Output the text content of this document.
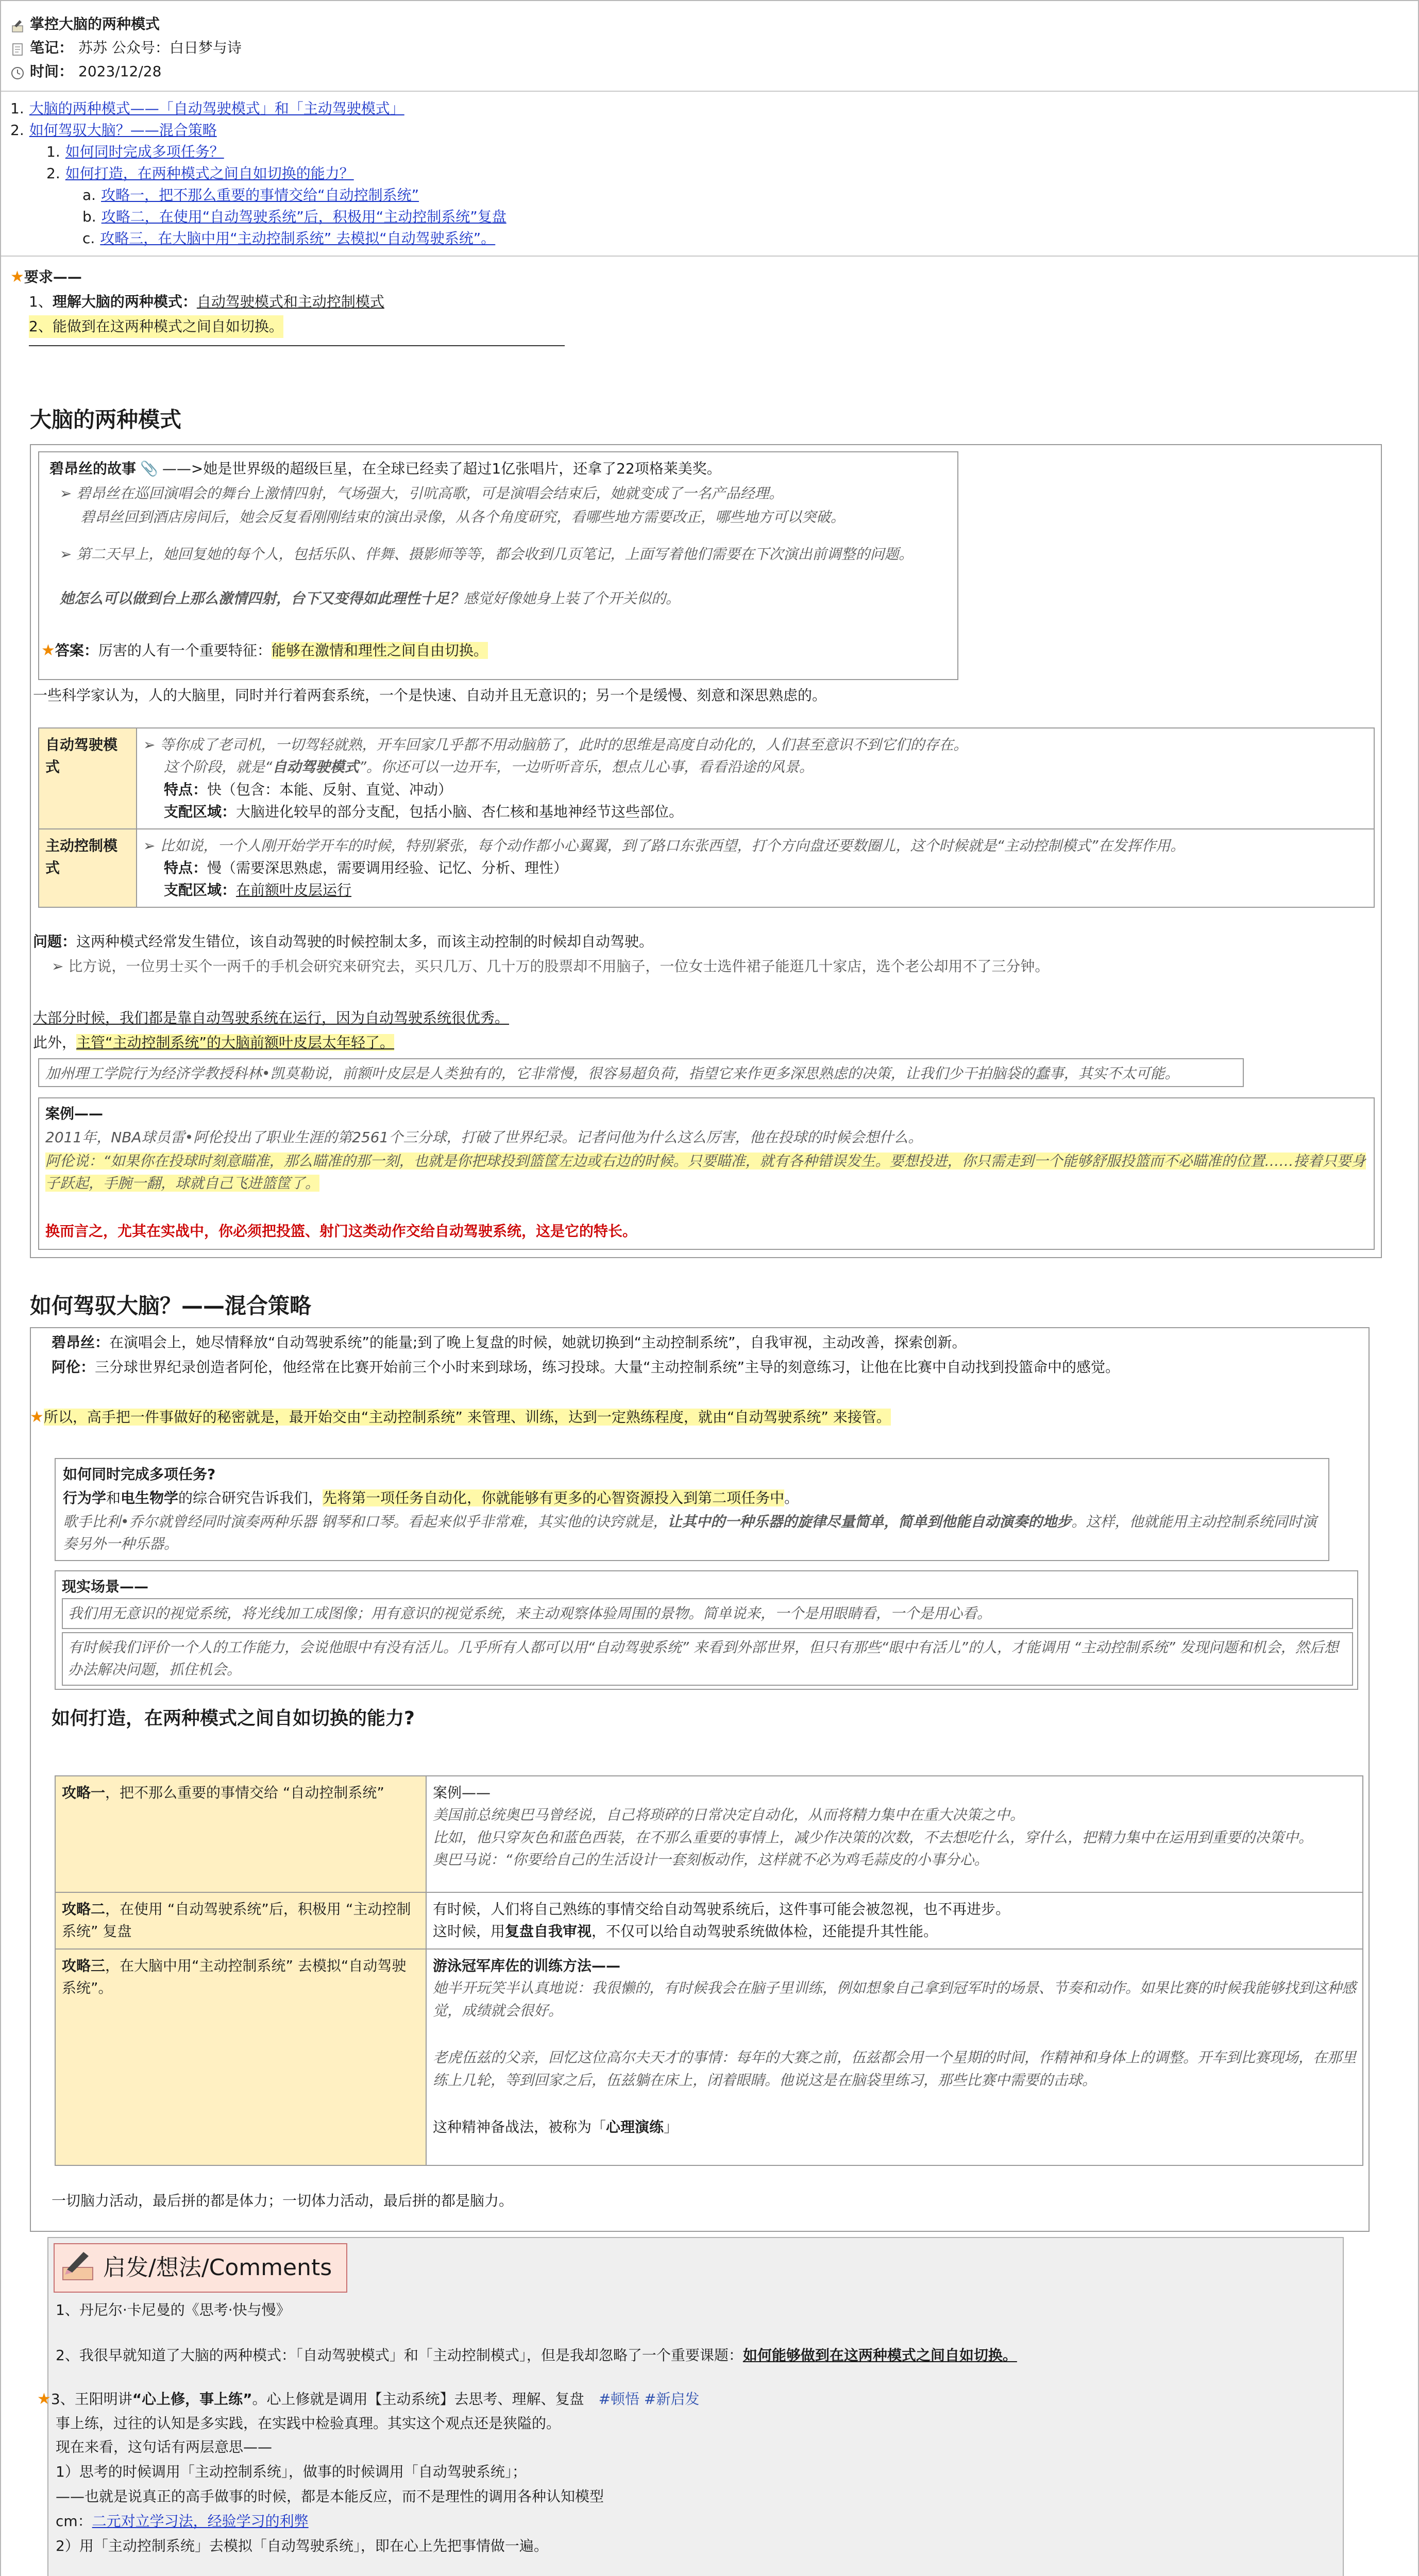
掌控大脑的两种模式
笔记： 苏苏 公众号：白日梦与诗
时间： 2023/12/28
1. 大脑的两种模式——「自动驾驶模式」和「主动驾驶模式」
2. 如何驾驭大脑？——混合策略
1. 如何同时完成多项任务？
2. 如何打造，在两种模式之间自如切换的能力？
a. 攻略一，把不那么重要的事情交给“自动控制系统”
b. 攻略二，在使用“自动驾驶系统”后，积极用“主动控制系统”复盘
c. 攻略三，在大脑中用“主动控制系统” 去模拟“自动驾驶系统”。
★ 要求——
1、 理解大脑的两种模式： 自动驾驶模式和主动控制模式
2、能做到在这两种模式之间自如切换。
大脑的两种模式
碧昂丝的故事 📎 ——>她是世界级的超级巨星，在全球已经卖了超过1亿张唱片，还拿了22项格莱美奖。
➢ 碧昂丝在巡回演唱会的舞台上激情四射，气场强大，引吭高歌，可是演唱会结束后，她就变成了一名产品经理。
碧昂丝回到酒店房间后，她会反复看刚刚结束的演出录像，从各个角度研究，看哪些地方需要改正，哪些地方可以突破。
➢ 第二天早上，她回复她的每个人，包括乐队、伴舞、摄影师等等，都会收到几页笔记，上面写着他们需要在下次演出前调整的问题。
她怎么可以做到台上那么激情四射，台下又变得如此理性十足？感觉好像她身上装了个开关似的。
★答案：厉害的人有一个重要特征：能够在激情和理性之间自由切换。
一些科学家认为，人的大脑里，同时并行着两套系统，一个是快速、自动并且无意识的；另一个是缓慢、刻意和深思熟虑的。
自动驾驶模式	➢ 等你成了老司机，一切驾轻就熟，开车回家几乎都不用动脑筋了，此时的思维是高度自动化的，人们甚至意识不到它们的存在。
这个阶段，就是“自动驾驶模式”。你还可以一边开车，一边听听音乐，想点儿心事，看看沿途的风景。
特点：快（包含：本能、反射、直觉、冲动）
支配区域：大脑进化较早的部分支配，包括小脑、杏仁核和基地神经节这些部位。

主动控制模式	➢ 比如说，一个人刚开始学开车的时候，特别紧张，每个动作都小心翼翼，到了路口东张西望，打个方向盘还要数圈儿，这个时候就是“主动控制模式”在发挥作用。
特点：慢（需要深思熟虑，需要调用经验、记忆、分析、理性）
支配区域：在前额叶皮层运行
问题：这两种模式经常发生错位，该自动驾驶的时候控制太多，而该主动控制的时候却自动驾驶。
➢ 比方说，一位男士买个一两千的手机会研究来研究去，买只几万、几十万的股票却不用脑子，一位女士选件裙子能逛几十家店，选个老公却用不了三分钟。
大部分时候，我们都是靠自动驾驶系统在运行，因为自动驾驶系统很优秀。
此外，主管“主动控制系统”的大脑前额叶皮层太年轻了。
加州理工学院行为经济学教授科林•凯莫勒说，前额叶皮层是人类独有的，它非常慢，很容易超负荷，指望它来作更多深思熟虑的决策，让我们少干拍脑袋的蠢事，其实不太可能。
案例——
2011年，NBA球员雷•阿伦投出了职业生涯的第2561个三分球，打破了世界纪录。记者问他为什么这么厉害，他在投球的时候会想什么。
阿伦说：“如果你在投球时刻意瞄准，那么瞄准的那一刻，也就是你把球投到篮筐左边或右边的时候。只要瞄准，就有各种错误发生。要想投进，你只需走到一个能够舒服投篮而不必瞄准的位置……接着只要身子跃起，手腕一翻，球就自己飞进篮筐了。
换而言之，尤其在实战中，你必须把投篮、射门这类动作交给自动驾驶系统，这是它的特长。
如何驾驭大脑？——混合策略
碧昂丝：在演唱会上，她尽情释放“自动驾驶系统”的能量;到了晚上复盘的时候，她就切换到“主动控制系统”，自我审视，主动改善，探索创新。
阿伦：三分球世界纪录创造者阿伦，他经常在比赛开始前三个小时来到球场，练习投球。大量“主动控制系统”主导的刻意练习，让他在比赛中自动找到投篮命中的感觉。
★所以，高手把一件事做好的秘密就是，最开始交由“主动控制系统” 来管理、训练，达到一定熟练程度，就由“自动驾驶系统” 来接管。
如何同时完成多项任务?
行为学和电生物学的综合研究告诉我们，先将第一项任务自动化，你就能够有更多的心智资源投入到第二项任务中。
歌手比利•乔尔就曾经同时演奏两种乐器 钢琴和口琴。看起来似乎非常难，其实他的诀窍就是，让其中的一种乐器的旋律尽量简单，简单到他能自动演奏的地步。这样，他就能用主动控制系统同时演奏另外一种乐器。
现实场景——
我们用无意识的视觉系统，将光线加工成图像；用有意识的视觉系统，来主动观察体验周围的景物。简单说来，一个是用眼睛看，一个是用心看。
有时候我们评价一个人的工作能力，会说他眼中有没有活儿。几乎所有人都可以用“自动驾驶系统” 来看到外部世界，但只有那些“眼中有活儿”的人，才能调用 “主动控制系统” 发现问题和机会，然后想办法解决问题，抓住机会。
如何打造，在两种模式之间自如切换的能力?
攻略一，把不那么重要的事情交给 “自动控制系统”	案例——
美国前总统奥巴马曾经说，自己将琐碎的日常决定自动化，从而将精力集中在重大决策之中。
比如，他只穿灰色和蓝色西装，在不那么重要的事情上，减少作决策的次数，不去想吃什么，穿什么，把精力集中在运用到重要的决策中。
奥巴马说：“你要给自己的生活设计一套刻板动作，这样就不必为鸡毛蒜皮的小事分心。

攻略二，在使用 “自动驾驶系统”后，积极用 “主动控制系统” 复盘	有时候，人们将自己熟练的事情交给自动驾驶系统后，这件事可能会被忽视，也不再进步。
这时候，用复盘自我审视，不仅可以给自动驾驶系统做体检，还能提升其性能。

攻略三，在大脑中用“主动控制系统” 去模拟“自动驾驶系统”。	游泳冠军库佐的训练方法——
她半开玩笑半认真地说：我很懒的，有时候我会在脑子里训练，例如想象自己拿到冠军时的场景、节奏和动作。如果比赛的时候我能够找到这种感觉，成绩就会很好。
老虎伍兹的父亲，回忆这位高尔夫天才的事情：每年的大赛之前，伍兹都会用一个星期的时间，作精神和身体上的调整。开车到比赛现场，在那里练上几轮，等到回家之后，伍兹躺在床上，闭着眼睛。他说这是在脑袋里练习，那些比赛中需要的击球。
这种精神备战法，被称为「心理演练」
一切脑力活动，最后拼的都是体力；一切体力活动，最后拼的都是脑力。
启发/想法/Comments
1、丹尼尔·卡尼曼的《思考·快与慢》
2、我很早就知道了大脑的两种模式：「自动驾驶模式」和「主动控制模式」，但是我却忽略了一个重要课题：如何能够做到在这两种模式之间自如切换。
★3、王阳明讲“心上修，事上练”。心上修就是调用【主动系统】去思考、理解、复盘 #顿悟 #新启发
事上练，过往的认知是多实践，在实践中检验真理。其实这个观点还是狭隘的。
现在来看，这句话有两层意思——
1）思考的时候调用「主动控制系统」，做事的时候调用「自动驾驶系统」；
——也就是说真正的高手做事的时候，都是本能反应，而不是理性的调用各种认知模型
cm：二元对立学习法，经验学习的利弊
2）用「主动控制系统」去模拟「自动驾驶系统」，即在心上先把事情做一遍。
